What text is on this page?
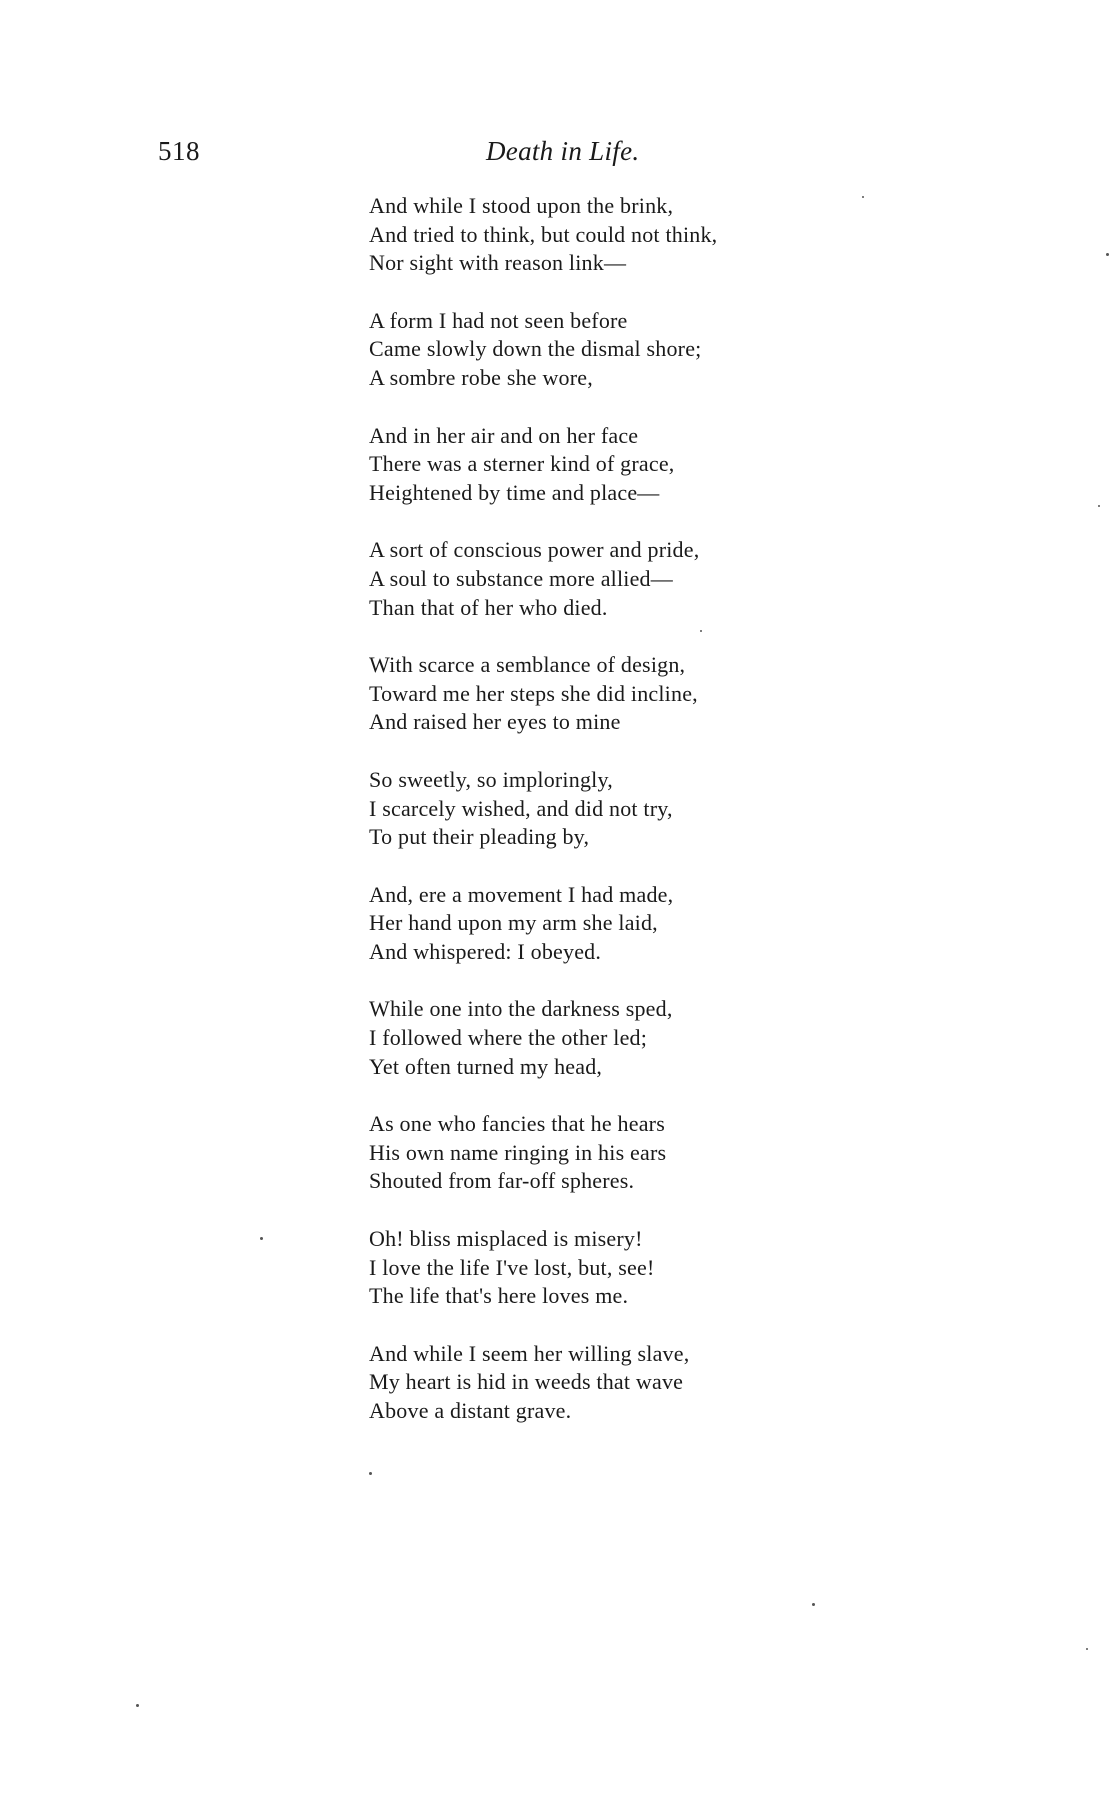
518	Death in Life.
And while I stood upon the brink,
And tried to think, but could not think,
Nor sight with reason link—
A form I had not seen before
Came slowly down the dismal shore;
A sombre robe she wore,
And in her air and on her face
There was a sterner kind of grace,
Heightened by time and place—
A sort of conscious power and pride,
A soul to substance more allied—
Than that of her who died.
With scarce a semblance of design,
Toward me her steps she did incline,
And raised her eyes to mine
So sweetly, so imploringly,
I scarcely wished, and did not try,
To put their pleading by,
And, ere a movement I had made,
Her hand upon my arm she laid,
And whispered: I obeyed.
While one into the darkness sped,
I followed where the other led;
Yet often turned my head,
As one who fancies that he hears
His own name ringing in his ears
Shouted from far-off spheres.
Oh! bliss misplaced is misery!
I love the life I've lost, but, see!
The life that's here loves me.
And while I seem her willing slave,
My heart is hid in weeds that wave
Above a distant grave.
